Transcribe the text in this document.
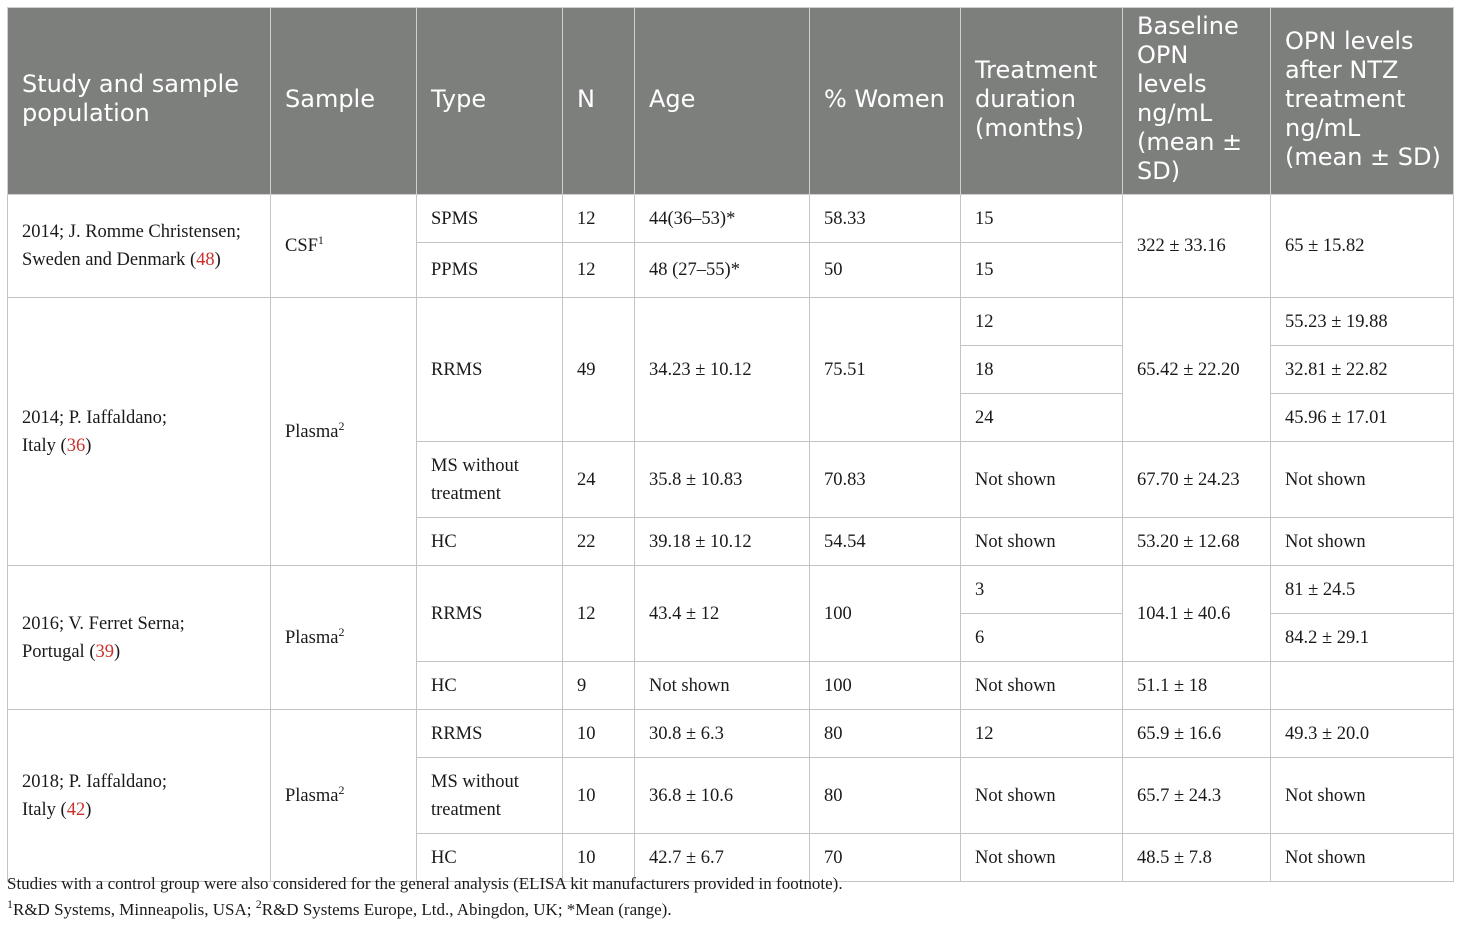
Study and sample population	Sample	Type	N	Age	% Women	Treatment duration (months)	Baseline OPN levels ng/mL (mean ± SD)	OPN levels after NTZ treatment ng/mL (mean ± SD)
2014; J. Romme Christensen;
Sweden and Denmark (48)	CSF$^1$	SPMS	12	44(36–53)*	58.33	15	322 ± 33.16	65 ± 15.82
		PPMS	12	48 (27–55)*	50	15		
2014; P. Iaffaldano;
Italy (36)	Plasma$^2$	RRMS	49	34.23 ± 10.12	75.51	12	65.42 ± 22.20	55.23 ± 19.88
						18		32.81 ± 22.82
						24		45.96 ± 17.01
		MS without treatment	24	35.8 ± 10.83	70.83	Not shown	67.70 ± 24.23	Not shown
		HC	22	39.18 ± 10.12	54.54	Not shown	53.20 ± 12.68	Not shown
2016; V. Ferret Serna;
Portugal (39)	Plasma$^2$	RRMS	12	43.4 ± 12	100	3	104.1 ± 40.6	81 ± 24.5
						6		84.2 ± 29.1
		HC	9	Not shown	100	Not shown	51.1 ± 18	
2018; P. Iaffaldano;
Italy (42)	Plasma$^2$	RRMS	10	30.8 ± 6.3	80	12	65.9 ± 16.6	49.3 ± 20.0
		MS without treatment	10	36.8 ± 10.6	80	Not shown	65.7 ± 24.3	Not shown
		HC	10	42.7 ± 6.7	70	Not shown	48.5 ± 7.8	Not shown
Studies with a control group were also considered for the general analysis (ELISA kit manufacturers provided in footnote).
$^1$R&D Systems, Minneapolis, USA; $^2$R&D Systems Europe, Ltd., Abingdon, UK; *Mean (range).
